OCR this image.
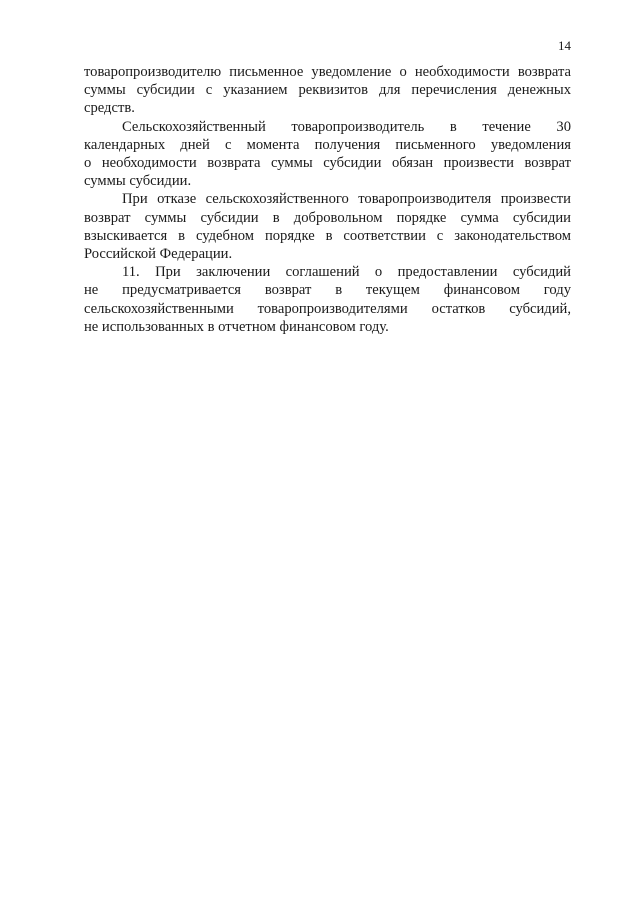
14

товаропроизводителю письменное уведомление о необходимости возврата
суммы субсидии с указанием реквизитов для перечисления денежных
средств.

Сельскохозяйственный товаропроизводитель в течение 30
календарных дней с момента получения письменного уведомления
о необходимости возврата суммы субсидии обязан произвести возврат
суммы субсидии.

При отказе сельскохозяйственного товаропроизводителя произвести
возврат суммы субсидии в добровольном порядке сумма субсидии
взыскивается в судебном порядке в соответствии с законодательством
Российской Федерации.

11. При заключении соглашений о предоставлении субсидий
не предусматривается возврат в текущем финансовом году
сельскохозяйственными товаропроизводителями остатков субсидий,
не использованных в отчетном финансовом году.
